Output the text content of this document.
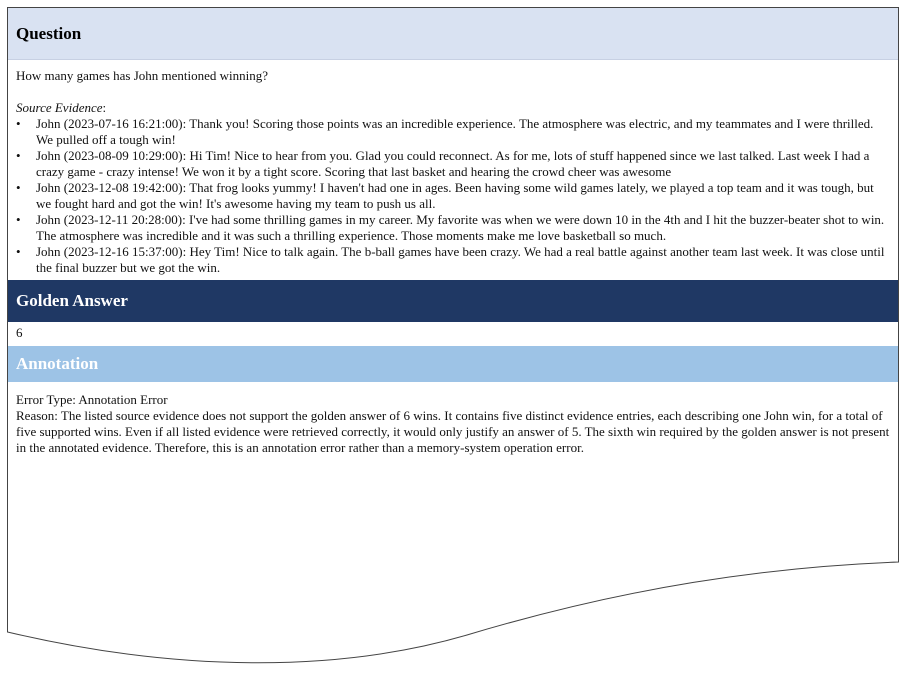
Question

How many games has John mentioned winning?

Source Evidence:
• John (2023-07-16 16:21:00): Thank you! Scoring those points was an incredible experience. The atmosphere was electric, and my teammates and I were thrilled. We pulled off a tough win!
• John (2023-08-09 10:29:00): Hi Tim! Nice to hear from you. Glad you could reconnect. As for me, lots of stuff happened since we last talked. Last week I had a crazy game - crazy intense! We won it by a tight score. Scoring that last basket and hearing the crowd cheer was awesome
• John (2023-12-08 19:42:00): That frog looks yummy! I haven't had one in ages. Been having some wild games lately, we played a top team and it was tough, but we fought hard and got the win! It's awesome having my team to push us all.
• John (2023-12-11 20:28:00): I've had some thrilling games in my career. My favorite was when we were down 10 in the 4th and I hit the buzzer-beater shot to win. The atmosphere was incredible and it was such a thrilling experience. Those moments make me love basketball so much.
• John (2023-12-16 15:37:00): Hey Tim! Nice to talk again. The b-ball games have been crazy. We had a real battle against another team last week. It was close until the final buzzer but we got the win.
Golden Answer
6
Annotation
Error Type: Annotation Error
Reason: The listed source evidence does not support the golden answer of 6 wins. It contains five distinct evidence entries, each describing one John win, for a total of five supported wins. Even if all listed evidence were retrieved correctly, it would only justify an answer of 5. The sixth win required by the golden answer is not present in the annotated evidence. Therefore, this is an annotation error rather than a memory-system operation error.
